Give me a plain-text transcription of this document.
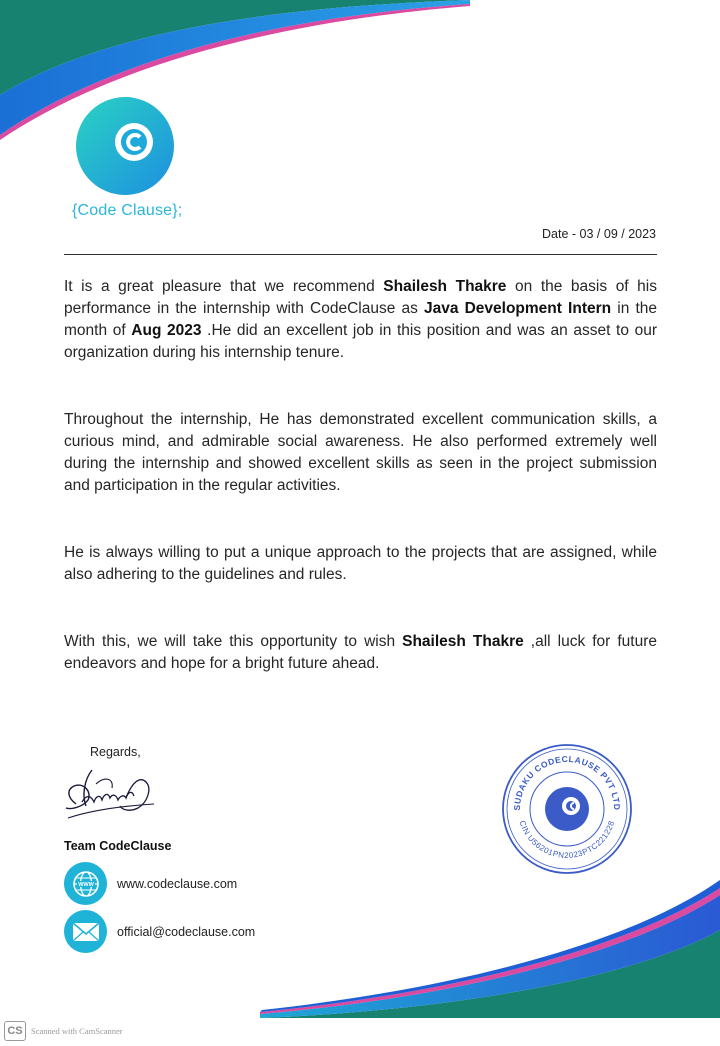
{Code Clause};
Date - 03 / 09 / 2023

It is a great pleasure that we recommend Shailesh Thakre on the basis of his performance in the internship with CodeClause as Java Development Intern in the month of Aug 2023 .He did an excellent job in this position and was an asset to our organization during his internship tenure.

Throughout the internship, He has demonstrated excellent communication skills, a curious mind, and admirable social awareness. He also performed extremely well during the internship and showed excellent skills as seen in the project submission and participation in the regular activities.

He is always willing to put a unique approach to the projects that are assigned, while also adhering to the guidelines and rules.

With this, we will take this opportunity to wish Shailesh Thakre ,all luck for future endeavors and hope for a bright future ahead.

Regards,
Team CodeClause
WWW www.codeclause.com
official@codeclause.com
SUDAKU CODECLAUSE PVT LTD
CIN U56201PN2023PTC221228
CS Scanned with CamScanner
